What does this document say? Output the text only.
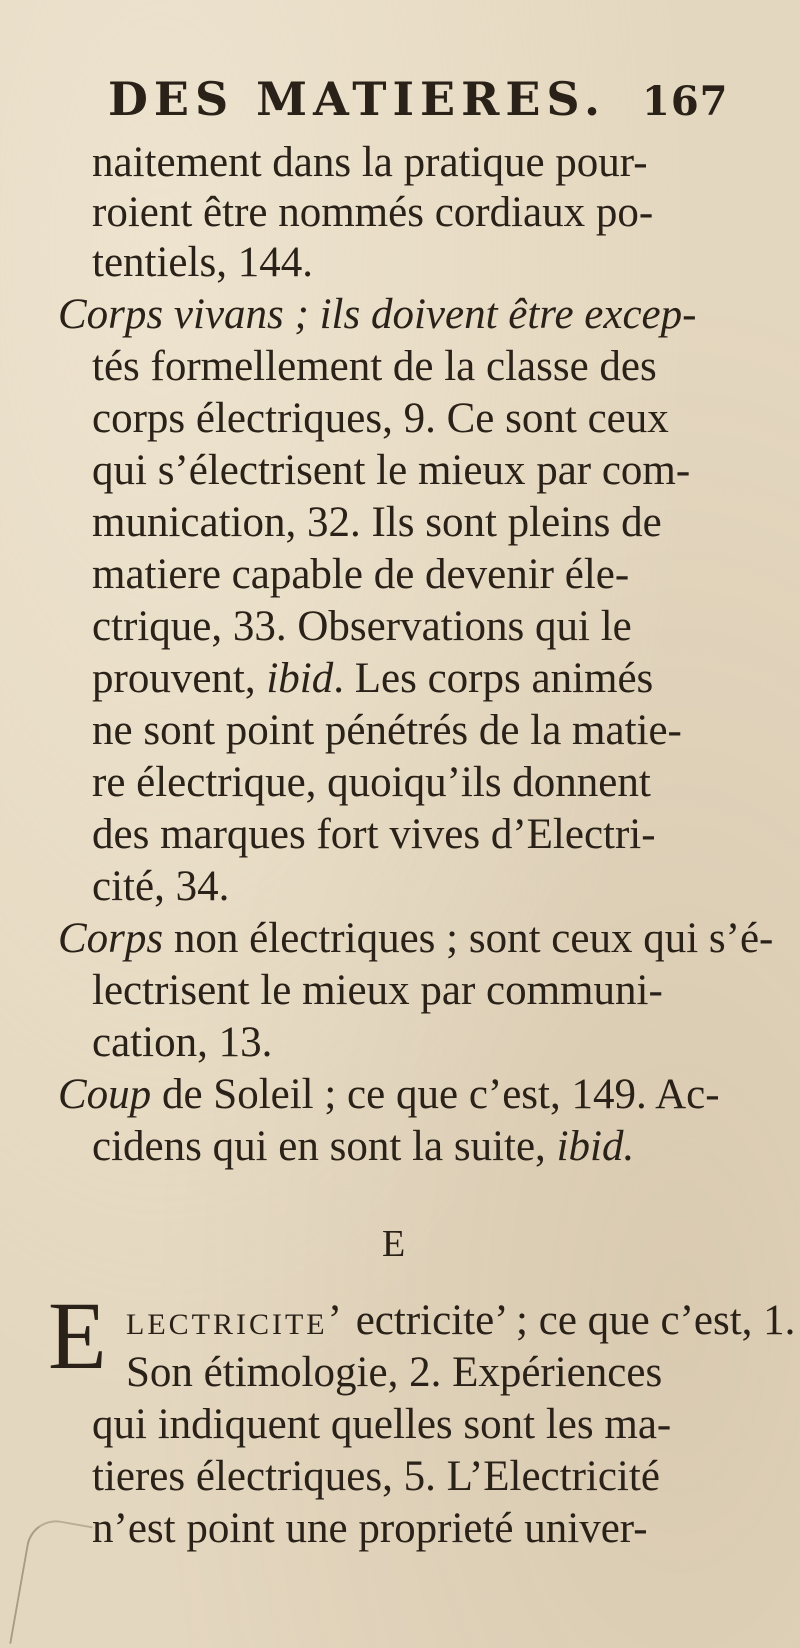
DES MATIERES. 167
naitement dans la pratique pour-
roient être nommés cordiaux po-
tentiels, 144.
Corps vivans ; ils doivent être excep-
tés formellement de la classe des
corps électriques, 9. Ce sont ceux
qui s’électrisent le mieux par com-
munication, 32. Ils sont pleins de
matiere capable de devenir éle-
ctrique, 33. Observations qui le
prouvent, ibid. Les corps animés
ne sont point pénétrés de la matie-
re électrique, quoiqu’ils donnent
des marques fort vives d’Electri-
cité, 34.
Corps non électriques ; sont ceux qui s’é-
lectrisent le mieux par communi-
cation, 13.
Coup de Soleil ; ce que c’est, 149. Ac-
cidens qui en sont la suite, ibid.
E
E lectricite’ ectricite’ ; ce que c’est, 1.
Son étimologie, 2. Expériences
qui indiquent quelles sont les ma-
tieres électriques, 5. L’Electricité
n’est point une proprieté univer-
